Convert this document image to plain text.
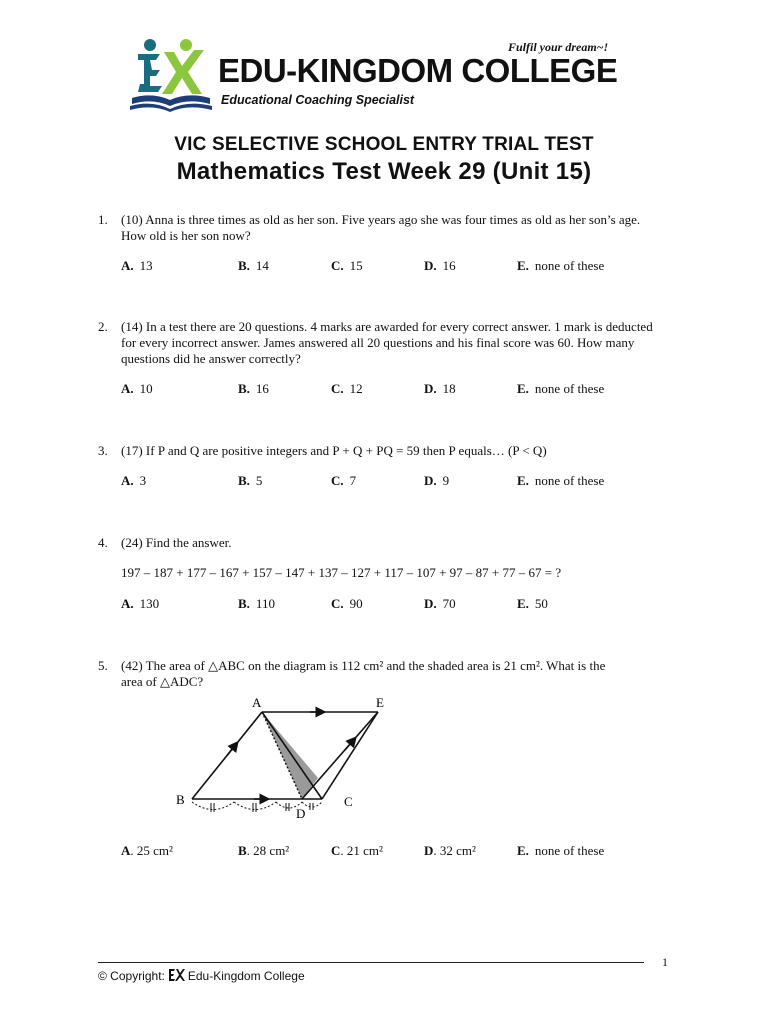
EDU-KINGDOM COLLEGE
Educational Coaching Specialist
Fulfil your dream~!
VIC SELECTIVE SCHOOL ENTRY TRIAL TEST
Mathematics Test Week 29 (Unit 15)
1. (10) Anna is three times as old as her son. Five years ago she was four times as old as her son’s age. How old is her son now?
A. 13	B. 14	C. 15	D. 16	E. none of these
2. (14) In a test there are 20 questions. 4 marks are awarded for every correct answer. 1 mark is deducted for every incorrect answer. James answered all 20 questions and his final score was 60. How many questions did he answer correctly?
A. 10	B. 16	C. 12	D. 18	E. none of these
3. (17) If P and Q are positive integers and P + Q + PQ = 59 then P equals… (P < Q)
A. 3	B. 5	C. 7	D. 9	E. none of these
4. (24) Find the answer.
197 – 187 + 177 – 167 + 157 – 147 + 137 – 127 + 117 – 107 + 97 – 87 + 77 – 67 = ?
A. 130	B. 110	C. 90	D. 70	E. 50
5. (42) The area of △ABC on the diagram is 112 cm² and the shaded area is 21 cm². What is the
area of △ADC?
A	E
B	C
D
A. 25 cm²	B. 28 cm²	C. 21 cm²	D. 32 cm²	E. none of these
1
© Copyright: Edu-Kingdom College
